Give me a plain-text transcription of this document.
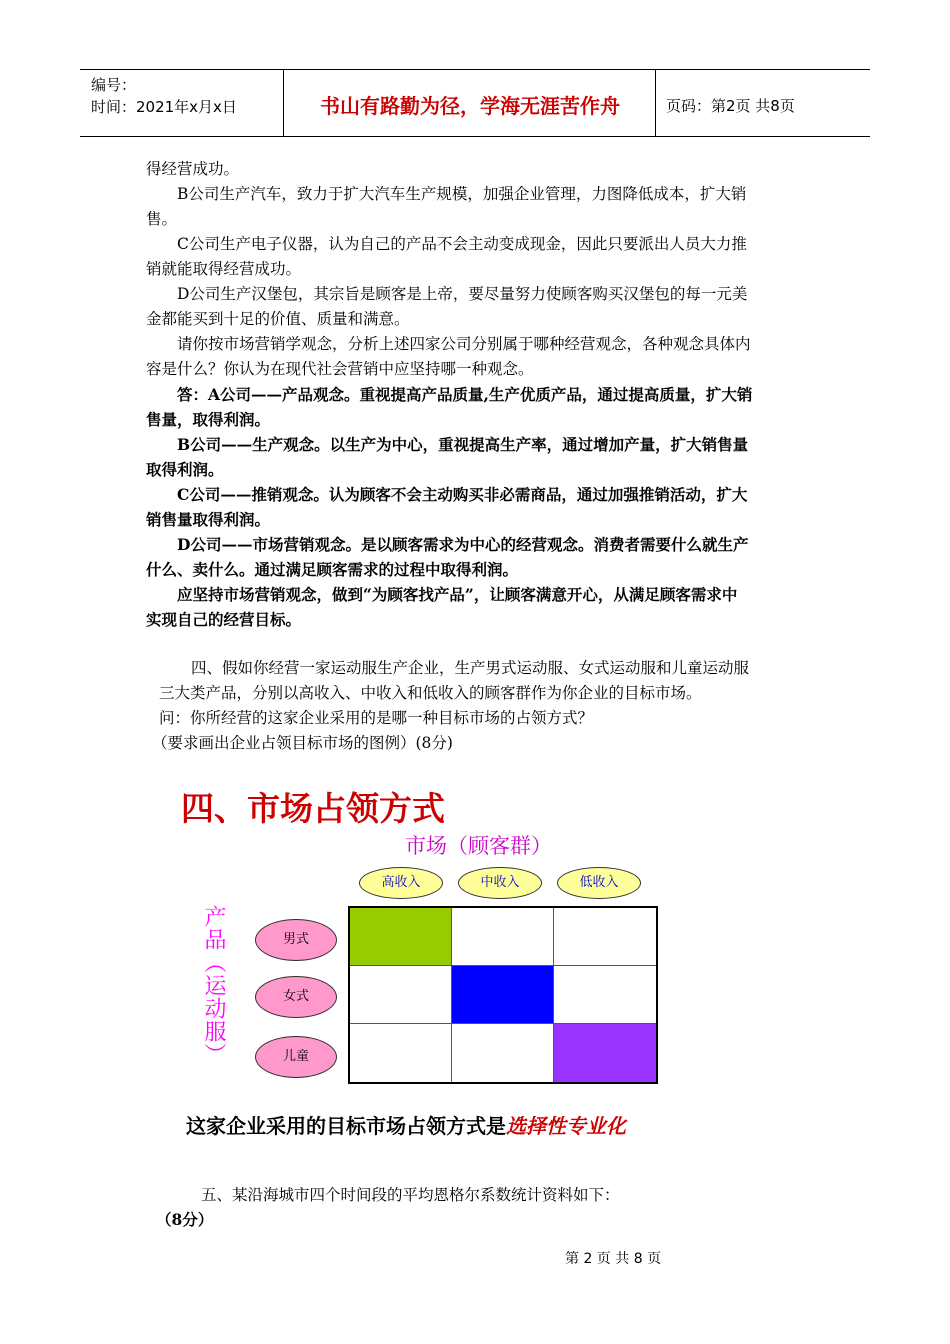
编号：
时间：2021年x月x日	书山有路勤为径，学海无涯苦作舟	页码：第2页 共8页
得经营成功。
B公司生产汽车，致力于扩大汽车生产规模，加强企业管理，力图降低成本，扩大销
售。
C公司生产电子仪器，认为自己的产品不会主动变成现金，因此只要派出人员大力推
销就能取得经营成功。
D公司生产汉堡包，其宗旨是顾客是上帝，要尽量努力使顾客购买汉堡包的每一元美
金都能买到十足的价值、质量和满意。
请你按市场营销学观念，分析上述四家公司分别属于哪种经营观念，各种观念具体内
容是什么？你认为在现代社会营销中应坚持哪一种观念。
答：A公司——产品观念。重视提高产品质量,生产优质产品，通过提高质量，扩大销
售量，取得利润。
B公司——生产观念。以生产为中心，重视提高生产率，通过增加产量，扩大销售量
取得利润。
C公司——推销观念。认为顾客不会主动购买非必需商品，通过加强推销活动，扩大
销售量取得利润。
D公司——市场营销观念。是以顾客需求为中心的经营观念。消费者需要什么就生产
什么、卖什么。通过满足顾客需求的过程中取得利润。
应坚持市场营销观念，做到“为顾客找产品”，让顾客满意开心，从满足顾客需求中
实现自己的经营目标。
四、假如你经营一家运动服生产企业，生产男式运动服、女式运动服和儿童运动服
三大类产品，分别以高收入、中收入和低收入的顾客群作为你企业的目标市场。
问：你所经营的这家企业采用的是哪一种目标市场的占领方式？
（要求画出企业占领目标市场的图例）(8分)
四、市场占领方式
市场（顾客群）
高收入	中收入	低收入
产品（运动服）	男式
女式
儿童
这家企业采用的目标市场占领方式是选择性专业化
五、某沿海城市四个时间段的平均恩格尔系数统计资料如下：
（8分）
第 2 页 共 8 页
